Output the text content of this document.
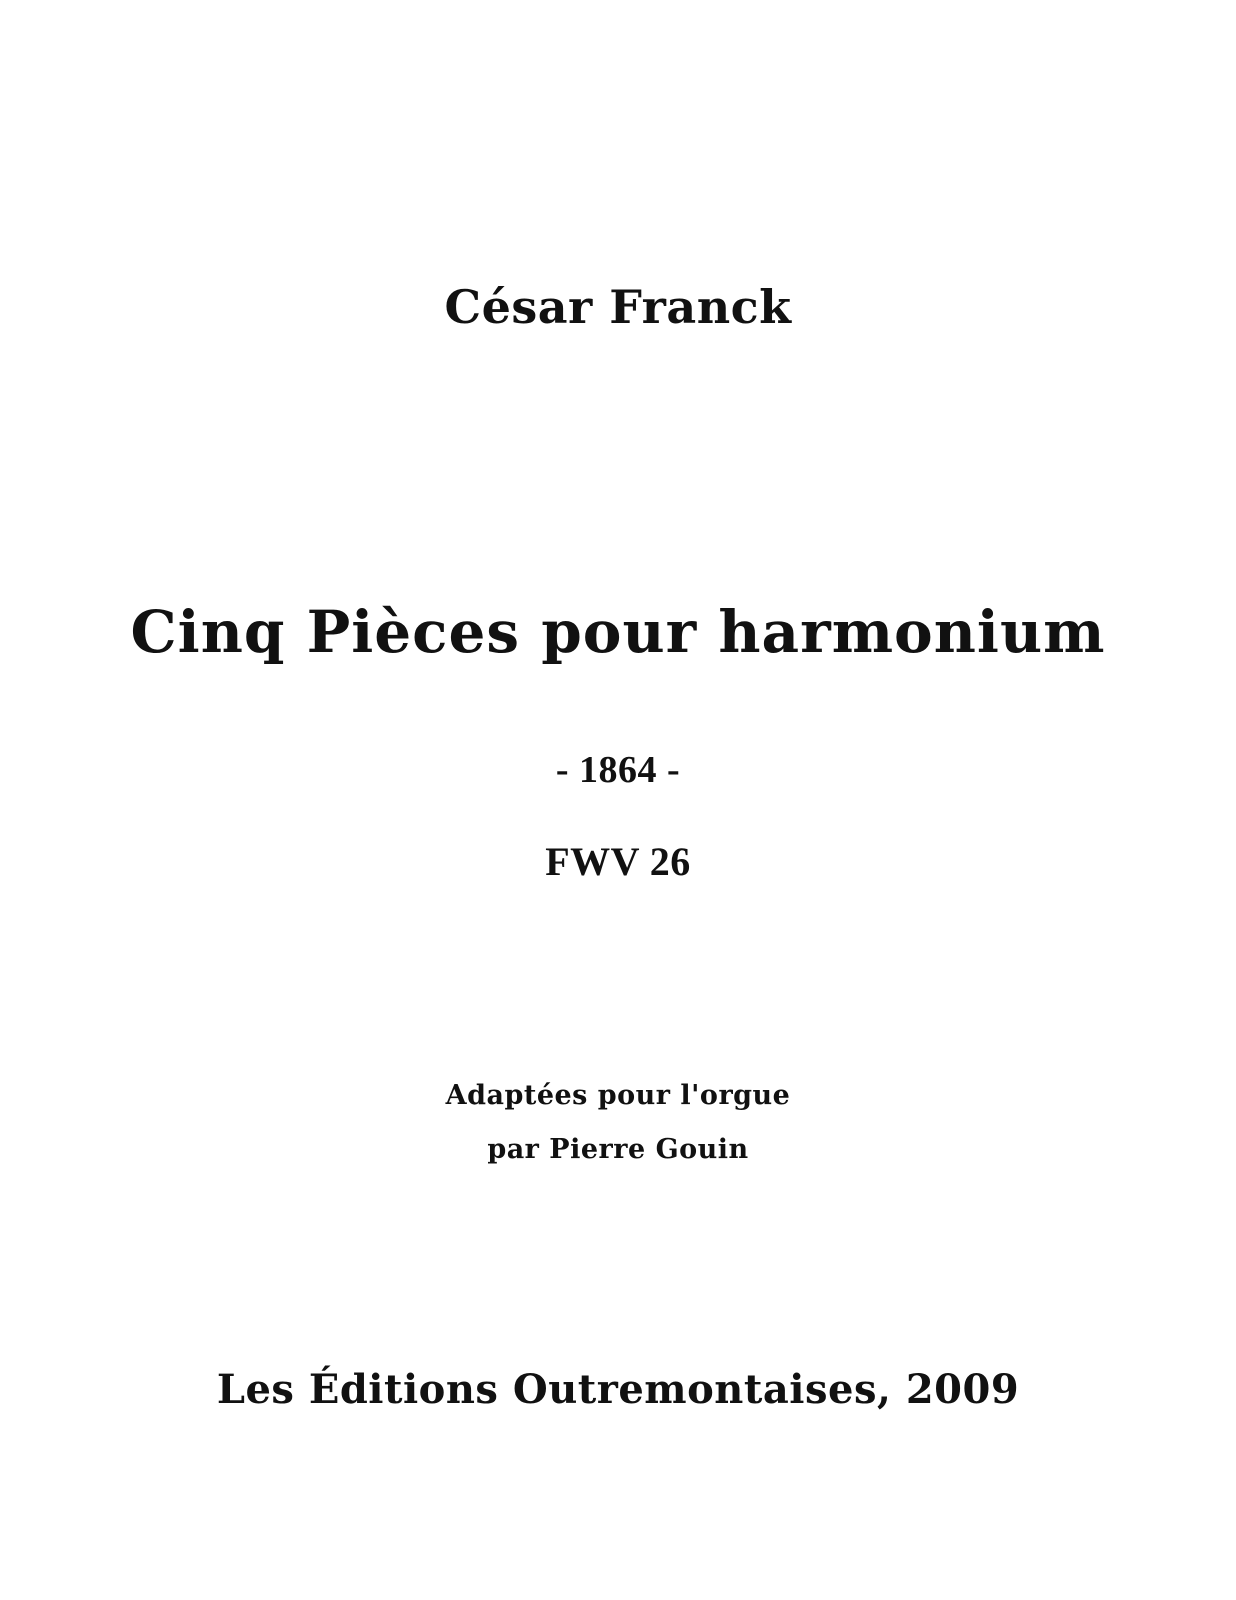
César Franck
Cinq Pièces pour harmonium
- 1864 -
FWV 26
Adaptées pour l'orgue
par Pierre Gouin
Les Éditions Outremontaises, 2009
